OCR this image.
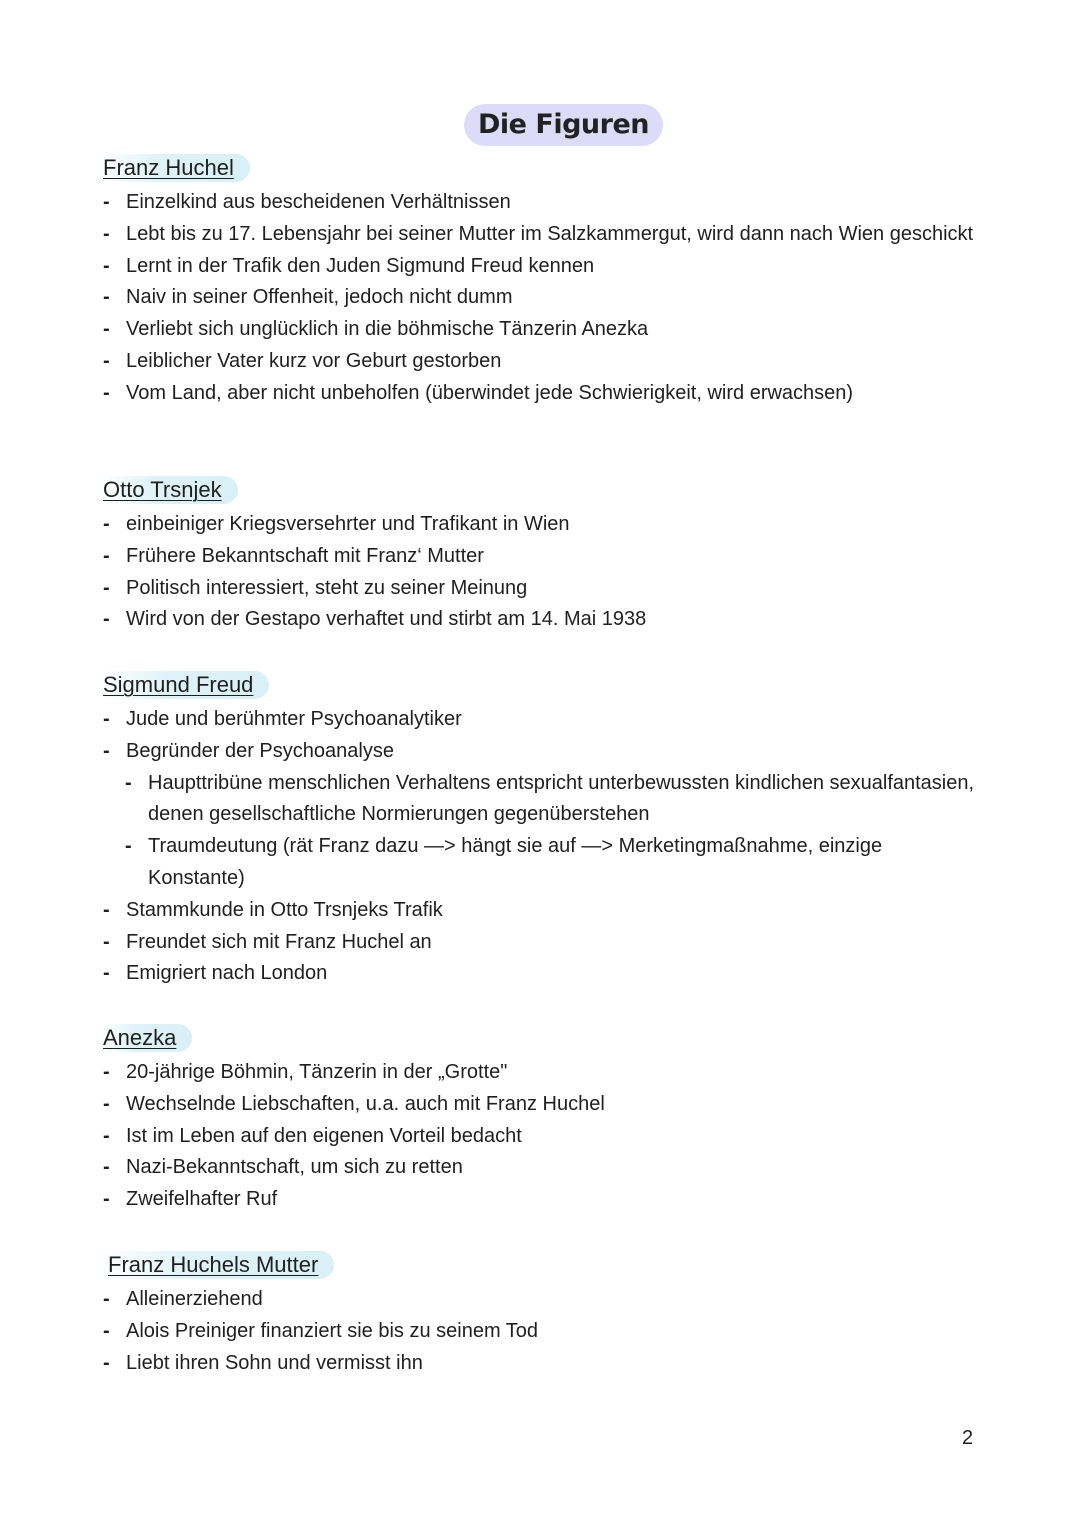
Die Figuren
Franz Huchel
- Einzelkind aus bescheidenen Verhältnissen
- Lebt bis zu 17. Lebensjahr bei seiner Mutter im Salzkammergut, wird dann nach Wien geschickt
- Lernt in der Trafik den Juden Sigmund Freud kennen
- Naiv in seiner Offenheit, jedoch nicht dumm
- Verliebt sich unglücklich in die böhmische Tänzerin Anezka
- Leiblicher Vater kurz vor Geburt gestorben
- Vom Land, aber nicht unbeholfen (überwindet jede Schwierigkeit, wird erwachsen)
Otto Trsnjek
- einbeiniger Kriegsversehrter und Trafikant in Wien
- Frühere Bekanntschaft mit Franz‘ Mutter
- Politisch interessiert, steht zu seiner Meinung
- Wird von der Gestapo verhaftet und stirbt am 14. Mai 1938
Sigmund Freud
- Jude und berühmter Psychoanalytiker
- Begründer der Psychoanalyse
- Haupttribüne menschlichen Verhaltens entspricht unterbewussten kindlichen sexualfantasien, denen gesellschaftliche Normierungen gegenüberstehen
- Traumdeutung (rät Franz dazu —> hängt sie auf —> Merketingmaßnahme, einzige Konstante)
- Stammkunde in Otto Trsnjeks Trafik
- Freundet sich mit Franz Huchel an
- Emigriert nach London
Anezka
- 20-jährige Böhmin, Tänzerin in der „Grotte"
- Wechselnde Liebschaften, u.a. auch mit Franz Huchel
- Ist im Leben auf den eigenen Vorteil bedacht
- Nazi-Bekanntschaft, um sich zu retten
- Zweifelhafter Ruf
Franz Huchels Mutter
- Alleinerziehend
- Alois Preiniger finanziert sie bis zu seinem Tod
- Liebt ihren Sohn und vermisst ihn
2
